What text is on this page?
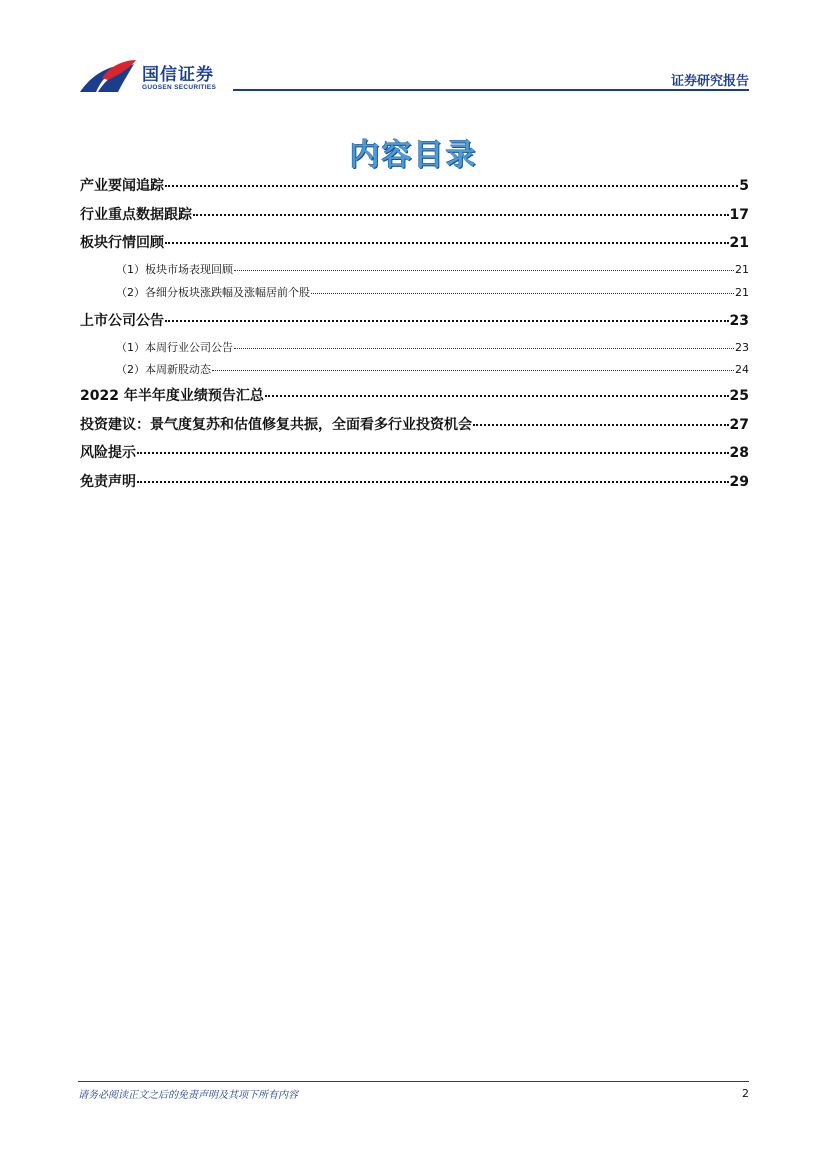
国信证券
GUOSEN SECURITIES	证券研究报告
内容目录
产业要闻追踪	5
行业重点数据跟踪	17
板块行情回顾	21
（1）板块市场表现回顾	21
（2）各细分板块涨跌幅及涨幅居前个股	21
上市公司公告	23
（1）本周行业公司公告	23
（2）本周新股动态	24
2022 年半年度业绩预告汇总	25
投资建议：景气度复苏和估值修复共振，全面看多行业投资机会	27
风险提示	28
免责声明	29
请务必阅读正文之后的免责声明及其项下所有内容	2
